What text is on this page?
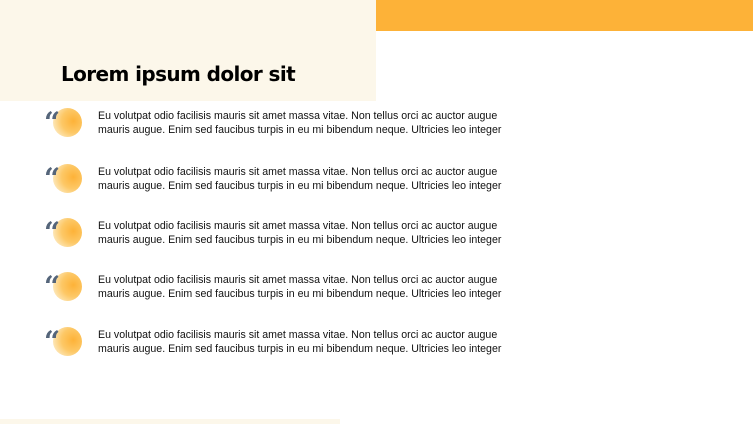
Lorem ipsum dolor sit
“	Eu volutpat odio facilisis mauris sit amet massa vitae. Non tellus orci ac auctor augue
mauris augue. Enim sed faucibus turpis in eu mi bibendum neque. Ultricies leo integer

“	Eu volutpat odio facilisis mauris sit amet massa vitae. Non tellus orci ac auctor augue
mauris augue. Enim sed faucibus turpis in eu mi bibendum neque. Ultricies leo integer

“	Eu volutpat odio facilisis mauris sit amet massa vitae. Non tellus orci ac auctor augue
mauris augue. Enim sed faucibus turpis in eu mi bibendum neque. Ultricies leo integer

“	Eu volutpat odio facilisis mauris sit amet massa vitae. Non tellus orci ac auctor augue
mauris augue. Enim sed faucibus turpis in eu mi bibendum neque. Ultricies leo integer

“	Eu volutpat odio facilisis mauris sit amet massa vitae. Non tellus orci ac auctor augue
mauris augue. Enim sed faucibus turpis in eu mi bibendum neque. Ultricies leo integer
